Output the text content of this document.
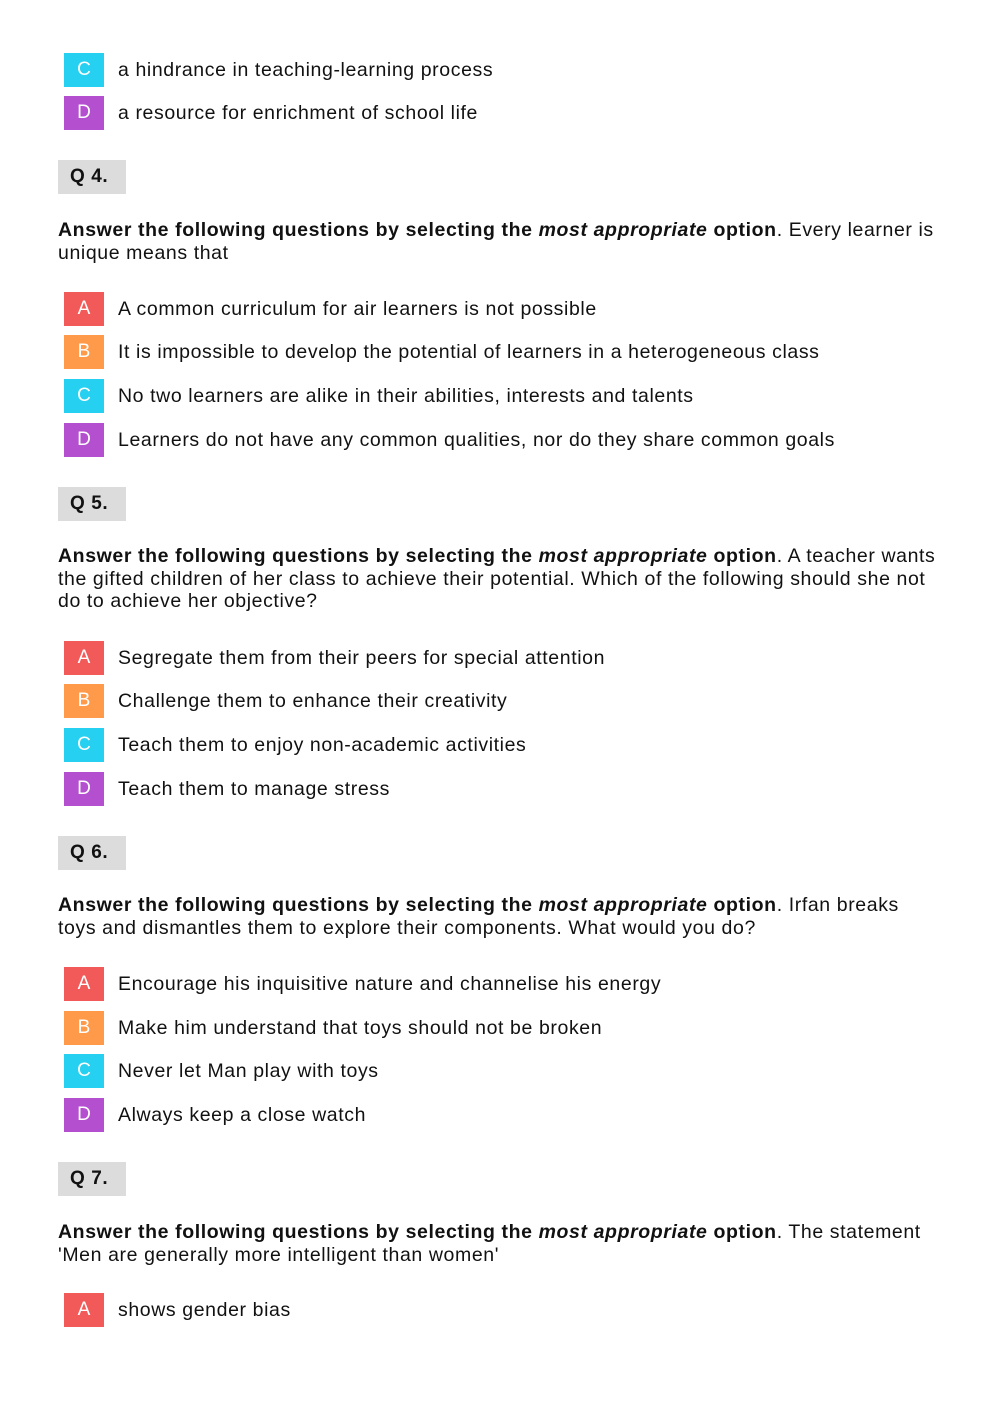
C	a hindrance in teaching-learning process
D	a resource for enrichment of school life
Q 4.
Answer the following questions by selecting the most appropriate option. Every learner is unique means that
A	A common curriculum for air learners is not possible
B	It is impossible to develop the potential of learners in a heterogeneous class
C	No two learners are alike in their abilities, interests and talents
D	Learners do not have any common qualities, nor do they share common goals
Q 5.
Answer the following questions by selecting the most appropriate option. A teacher wants the gifted children of her class to achieve their potential. Which of the following should she not do to achieve her objective?
A	Segregate them from their peers for special attention
B	Challenge them to enhance their creativity
C	Teach them to enjoy non-academic activities
D	Teach them to manage stress
Q 6.
Answer the following questions by selecting the most appropriate option. Irfan breaks toys and dismantles them to explore their components. What would you do?
A	Encourage his inquisitive nature and channelise his energy
B	Make him understand that toys should not be broken
C	Never let Man play with toys
D	Always keep a close watch
Q 7.
Answer the following questions by selecting the most appropriate option. The statement 'Men are generally more intelligent than women'
A	shows gender bias
